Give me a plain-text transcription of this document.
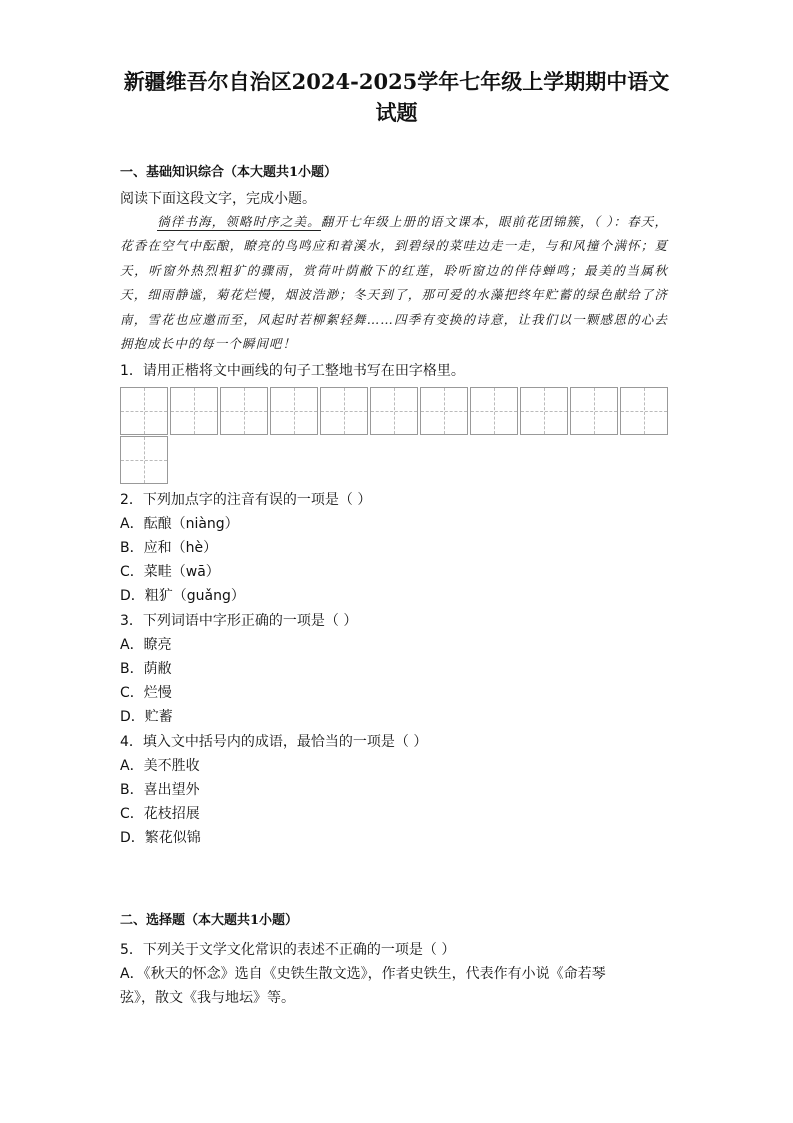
新疆维吾尔自治区2024-2025学年七年级上学期期中语文
试题
一、基础知识综合（本大题共1小题）
阅读下面这段文字，完成小题。
徜徉书海，领略时序之美。翻开七年级上册的语文课本，眼前花团锦簇，（ ）：春天，花香在空气中酝酿，瞭亮的鸟鸣应和着溪水，到碧绿的菜哇边走一走，与和风撞个满怀；夏天，听窗外热烈粗犷的骤雨，赏荷叶荫敝下的红莲，聆听窗边的伴侍蝉鸣；最美的当属秋天，细雨静谧，菊花烂慢，烟波浩渺；冬天到了，那可爱的水藻把终年贮蓄的绿色献给了济南，雪花也应邀而至，风起时若柳絮轻舞……四季有变换的诗意，让我们以一颗感恩的心去拥抱成长中的每一个瞬间吧！
1．请用正楷将文中画线的句子工整地书写在田字格里。
2．下列加点字的注音有误的一项是（ ）
A．酝酿（niàng）
B．应和（hè）
C．菜畦（wā）
D．粗犷（guǎng）
3．下列词语中字形正确的一项是（ ）
A．瞭亮
B．荫敝
C．烂慢
D．贮蓄
4．填入文中括号内的成语，最恰当的一项是（ ）
A．美不胜收
B．喜出望外
C．花枝招展
D．繁花似锦
二、选择题（本大题共1小题）
5．下列关于文学文化常识的表述不正确的一项是（ ）
A．《秋天的怀念》选自《史铁生散文选》，作者史铁生，代表作有小说《命若琴
弦》，散文《我与地坛》等。
